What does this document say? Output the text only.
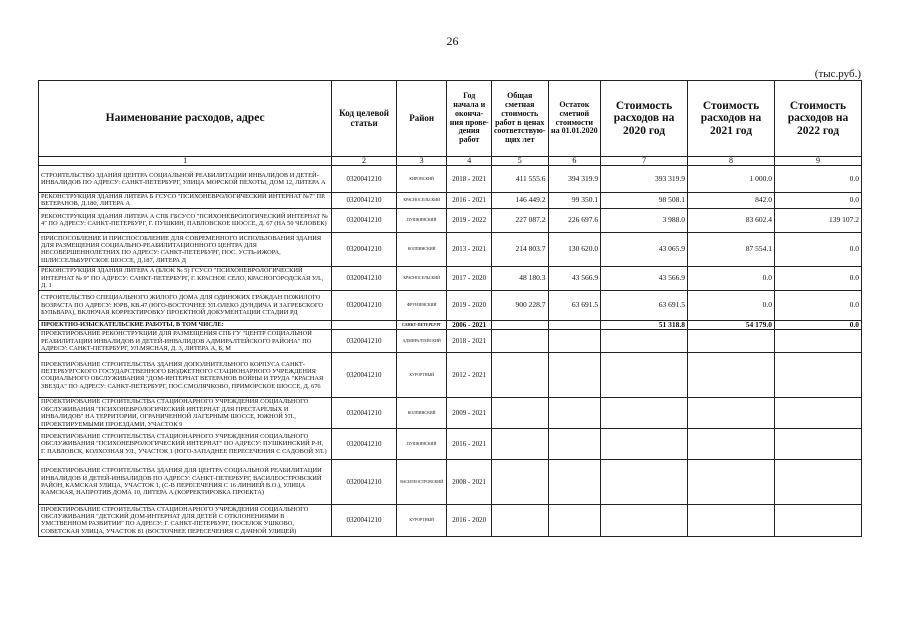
26
(тыс.руб.)
Наименование расходов, адрес	Код целевой статьи	Район	Год начала и оконча-ния прове-дения работ	Общая сметная стоимость работ в ценах соответствую-щих лет	Остаток сметной стоимости на 01.01.2020	Стоимость расходов на 2020 год	Стоимость расходов на 2021 год	Стоимость расходов на 2022 год
1	2	3	4	5	6	7	8	9
СТРОИТЕЛЬСТВО ЗДАНИЯ ЦЕНТРА СОЦИАЛЬНОЙ РЕАБИЛИТАЦИИ ИНВАЛИДОВ И ДЕТЕЙ-ИНВАЛИДОВ ПО АДРЕСУ: САНКТ-ПЕТЕРБУРГ, УЛИЦА МОРСКОЙ ПЕХОТЫ, ДОМ 12, ЛИТЕРА А	0320041210	КИРОВСКИЙ	2018 - 2021	411 555.6	394 319.9	393 319.9	1 000.0	0.0
РЕКОНСТРУКЦИЯ ЗДАНИЯ ЛИТЕРА Б ГСУСО "ПСИХОНЕВРОЛОГИЧЕСКИЙ ИНТЕРНАТ №7" ПР. ВЕТЕРАНОВ, Д.180, ЛИТЕРА А	0320041210	КРАСНОСЕЛЬСКИЙ	2016 - 2021	146 449.2	99 350.1	98 508.1	842.0	0.0
РЕКОНСТРУКЦИЯ ЗДАНИЯ ЛИТЕРА А СПБ ГБСУСО "ПСИХОНЕВРОЛОГИЧЕСКИЙ ИНТЕРНАТ № 4" ПО АДРЕСУ: САНКТ-ПЕТЕРБУРГ, Г. ПУШКИН, ПАВЛОВСКОЕ ШОССЕ, Д. 67 (НА 50 ЧЕЛОВЕК)	0320041210	ПУШКИНСКИЙ	2019 - 2022	227 087.2	226 697.6	3 988.0	83 602.4	139 107.2
ПРИСПОСОБЛЕНИЕ И ПРИСПОСОБЛЕНИЕ ДЛЯ СОВРЕМЕННОГО ИСПОЛЬЗОВАНИЯ ЗДАНИЯ ДЛЯ РАЗМЕЩЕНИЯ СОЦИАЛЬНО-РЕАБИЛИТАЦИОННОГО ЦЕНТРА ДЛЯ НЕСОВЕРШЕННОЛЕТНИХ ПО АДРЕСУ: САНКТ-ПЕТЕРБУРГ, ПОС. УСТЬ-ИЖОРА, ШЛИССЕЛЬБУРГСКОЕ ШОССЕ, Д.187, ЛИТЕРА Д	0320041210	КОЛПИНСКИЙ	2013 - 2021	214 803.7	130 620.0	43 065.9	87 554.1	0.0
РЕКОНСТРУКЦИЯ ЗДАНИЯ ЛИТЕРА А (БЛОК № 5) ГСУСО "ПСИХОНЕВРОЛОГИЧЕСКИЙ ИНТЕРНАТ № 9" ПО АДРЕСУ: САНКТ-ПЕТЕРБУРГ, Г. КРАСНОЕ СЕЛО, КРАСНОГОРОДСКАЯ УЛ., Д. 1	0320041210	КРАСНОСЕЛЬСКИЙ	2017 - 2020	48 180.3	43 566.9	43 566.9	0.0	0.0
СТРОИТЕЛЬСТВО СПЕЦИАЛЬНОГО ЖИЛОГО ДОМА ДЛЯ ОДИНОКИХ ГРАЖДАН ПОЖИЛОГО ВОЗРАСТА ПО АДРЕСУ: ЮРВ, КВ.47 (ЮГО-ВОСТОЧНЕЕ УЛ.ОЛЕКО ДУНДИЧА И ЗАГРЕБСКОГО БУЛЬВАРА), ВКЛЮЧАЯ КОРРЕКТИРОВКУ ПРОЕКТНОЙ ДОКУМЕНТАЦИИ СТАДИИ РД	0320041210	ФРУНЗЕНСКИЙ	2019 - 2020	900 228.7	63 691.5	63 691.5	0.0	0.0
ПРОЕКТНО-ИЗЫСКАТЕЛЬСКИЕ РАБОТЫ, В ТОМ ЧИСЛЕ:		САНКТ-ПЕТЕРБУРГ	2006 - 2021			51 318.8	54 179.0	0.0
ПРОЕКТИРОВАНИЕ РЕКОНСТРУКЦИИ ДЛЯ РАЗМЕЩЕНИЯ СПБ ГУ "ЦЕНТР СОЦИАЛЬНОЙ РЕАБИЛИТАЦИИ ИНВАЛИДОВ И ДЕТЕЙ-ИНВАЛИДОВ АДМИРАЛТЕЙСКОГО РАЙОНА" ПО АДРЕСУ: САНКТ-ПЕТЕРБУРГ, УЛ.МЯСНАЯ, Д. 3, ЛИТЕРА А, Б, М	0320041210	АДМИРАЛТЕЙСКИЙ	2018 - 2021					
ПРОЕКТИРОВАНИЕ СТРОИТЕЛЬСТВА ЗДАНИЯ ДОПОЛНИТЕЛЬНОГО КОРПУСА САНКТ-ПЕТЕРБУРГСКОГО ГОСУДАРСТВЕННОГО БЮДЖЕТНОГО СТАЦИОНАРНОГО УЧРЕЖДЕНИЯ СОЦИАЛЬНОГО ОБСЛУЖИВАНИЯ "ДОМ-ИНТЕРНАТ ВЕТЕРАНОВ ВОЙНЫ И ТРУДА "КРАСНАЯ ЗВЕЗДА" ПО АДРЕСУ: САНКТ-ПЕТЕРБУРГ, ПОС.СМОЛЯЧКОВО, ПРИМОРСКОЕ ШОССЕ, Д. 676	0320041210	КУРОРТНЫЙ	2012 - 2021					
ПРОЕКТИРОВАНИЕ СТРОИТЕЛЬСТВА СТАЦИОНАРНОГО УЧРЕЖДЕНИЯ СОЦИАЛЬНОГО ОБСЛУЖИВАНИЯ "ПСИХОНЕВРОЛОГИЧЕСКИЙ ИНТЕРНАТ ДЛЯ ПРЕСТАРЕЛЫХ И ИНВАЛИДОВ" НА ТЕРРИТОРИИ, ОГРАНИЧЕННОЙ ЛАГЕРНЫМ ШОССЕ, ЮЖНОЙ УЛ., ПРОЕКТИРУЕМЫМИ ПРОЕЗДАМИ, УЧАСТОК 9	0320041210	КОЛПИНСКИЙ	2009 - 2021					
ПРОЕКТИРОВАНИЕ СТРОИТЕЛЬСТВА СТАЦИОНАРНОГО УЧРЕЖДЕНИЯ СОЦИАЛЬНОГО ОБСЛУЖИВАНИЯ "ПСИХОНЕВРОЛОГИЧЕСКИЙ ИНТЕРНАТ" ПО АДРЕСУ: ПУШКИНСКИЙ Р-Н, Г. ПАВЛОВСК, КОЛХОЗНАЯ УЛ., УЧАСТОК 1 (ЮГО-ЗАПАДНЕЕ ПЕРЕСЕЧЕНИЯ С САДОВОЙ УЛ.)	0320041210	ПУШКИНСКИЙ	2016 - 2021					
ПРОЕКТИРОВАНИЕ СТРОИТЕЛЬСТВА ЗДАНИЯ ДЛЯ ЦЕНТРА СОЦИАЛЬНОЙ РЕАБИЛИТАЦИИ ИНВАЛИДОВ И ДЕТЕЙ-ИНВАЛИДОВ ПО АДРЕСУ: САНКТ-ПЕТЕРБУРГ, ВАСИЛЕОСТРОВСКИЙ РАЙОН, КАМСКАЯ УЛИЦА, УЧАСТОК 1, (С-В ПЕРЕСЕЧЕНИЯ С 16 ЛИНИЕЙ В.О.), УЛИЦА КАМСКАЯ, НАПРОТИВ ДОМА 10, ЛИТЕРА А (КОРРЕКТИРОВКА ПРОЕКТА)	0320041210	ВАСИЛЕОСТРОВСКИЙ	2008 - 2021					
ПРОЕКТИРОВАНИЕ СТРОИТЕЛЬСТВА СТАЦИОНАРНОГО УЧРЕЖДЕНИЯ СОЦИАЛЬНОГО ОБСЛУЖИВАНИЯ "ДЕТСКИЙ ДОМ-ИНТЕРНАТ ДЛЯ ДЕТЕЙ С ОТКЛОНЕНИЯМИ В УМСТВЕННОМ РАЗВИТИИ" ПО АДРЕСУ: Г. САНКТ-ПЕТЕРБУРГ, ПОСЕЛОК УШКОВО, СОВЕТСКАЯ УЛИЦА, УЧАСТОК 81 (ВОСТОЧНЕЕ ПЕРЕСЕЧЕНИЯ С ДАЧНОЙ УЛИЦЕЙ)	0320041210	КУРОРТНЫЙ	2016 - 2020					
